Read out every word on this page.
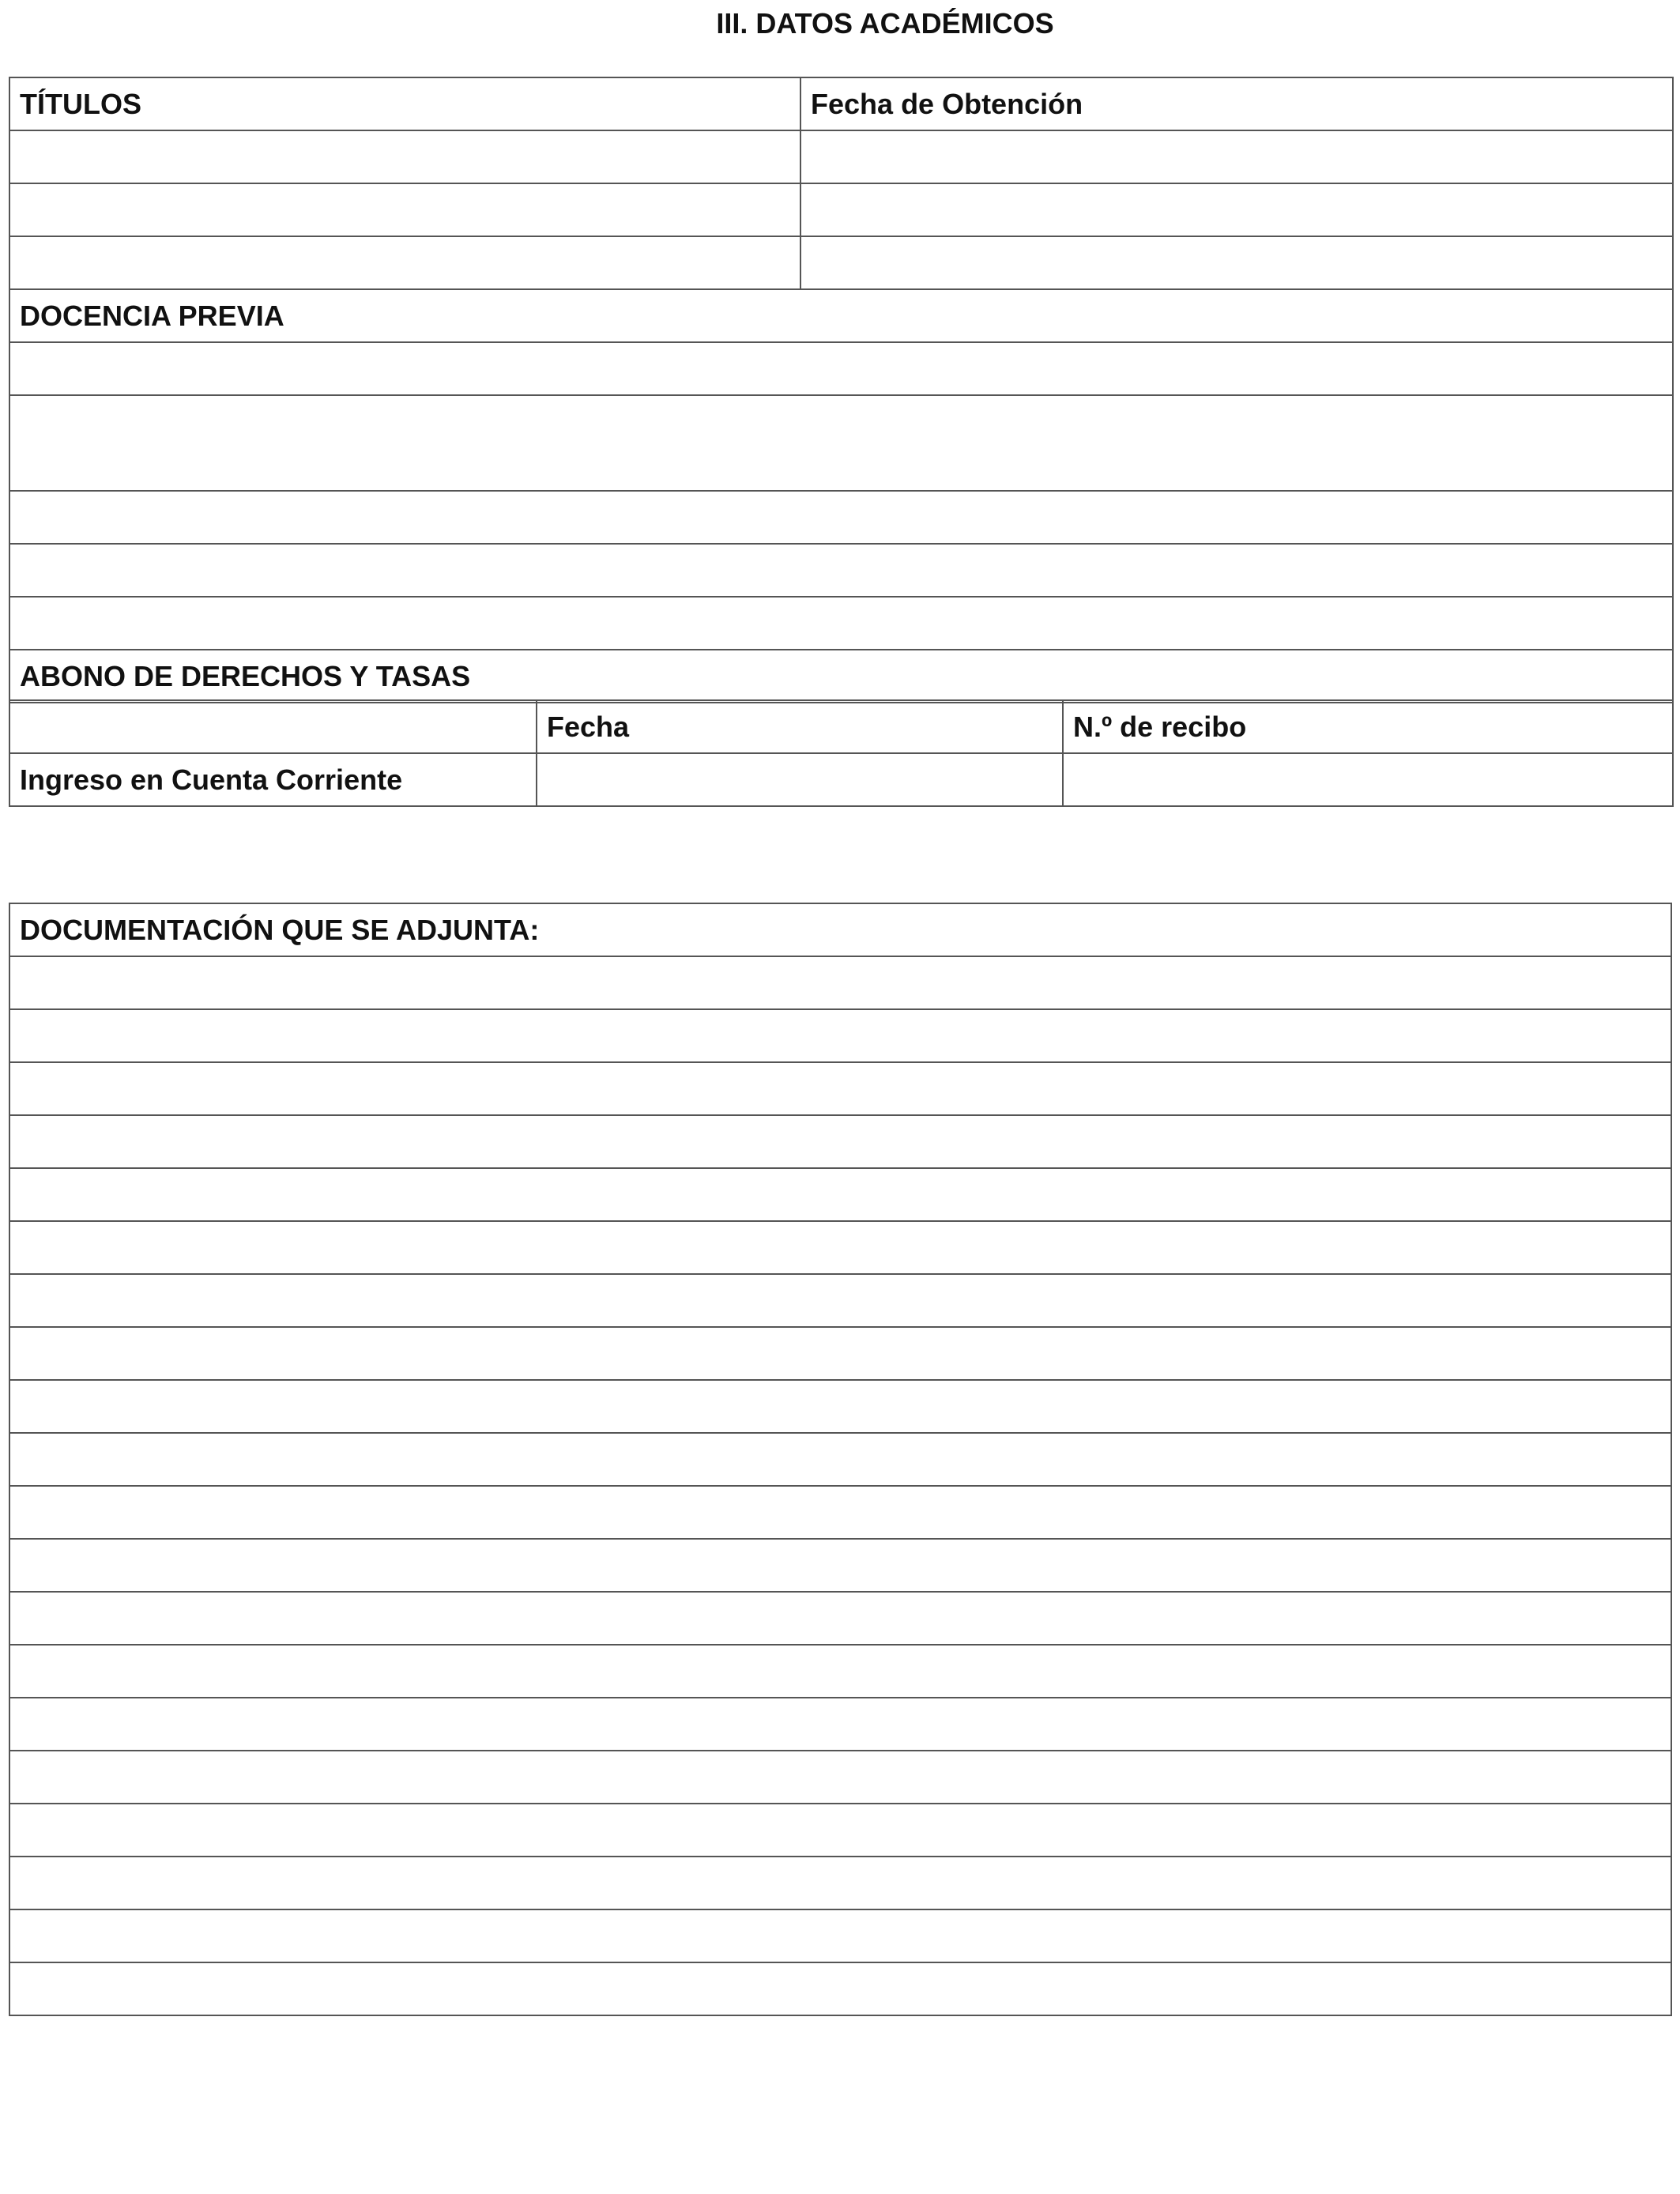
III. DATOS ACADÉMICOS
TÍTULOS	Fecha de Obtención

DOCENCIA PREVIA	

ABONO DE DERECHOS Y TASAS	
	Fecha	N.º de recibo
Ingreso en Cuenta Corriente		
DOCUMENTACIÓN QUE SE ADJUNTA:
